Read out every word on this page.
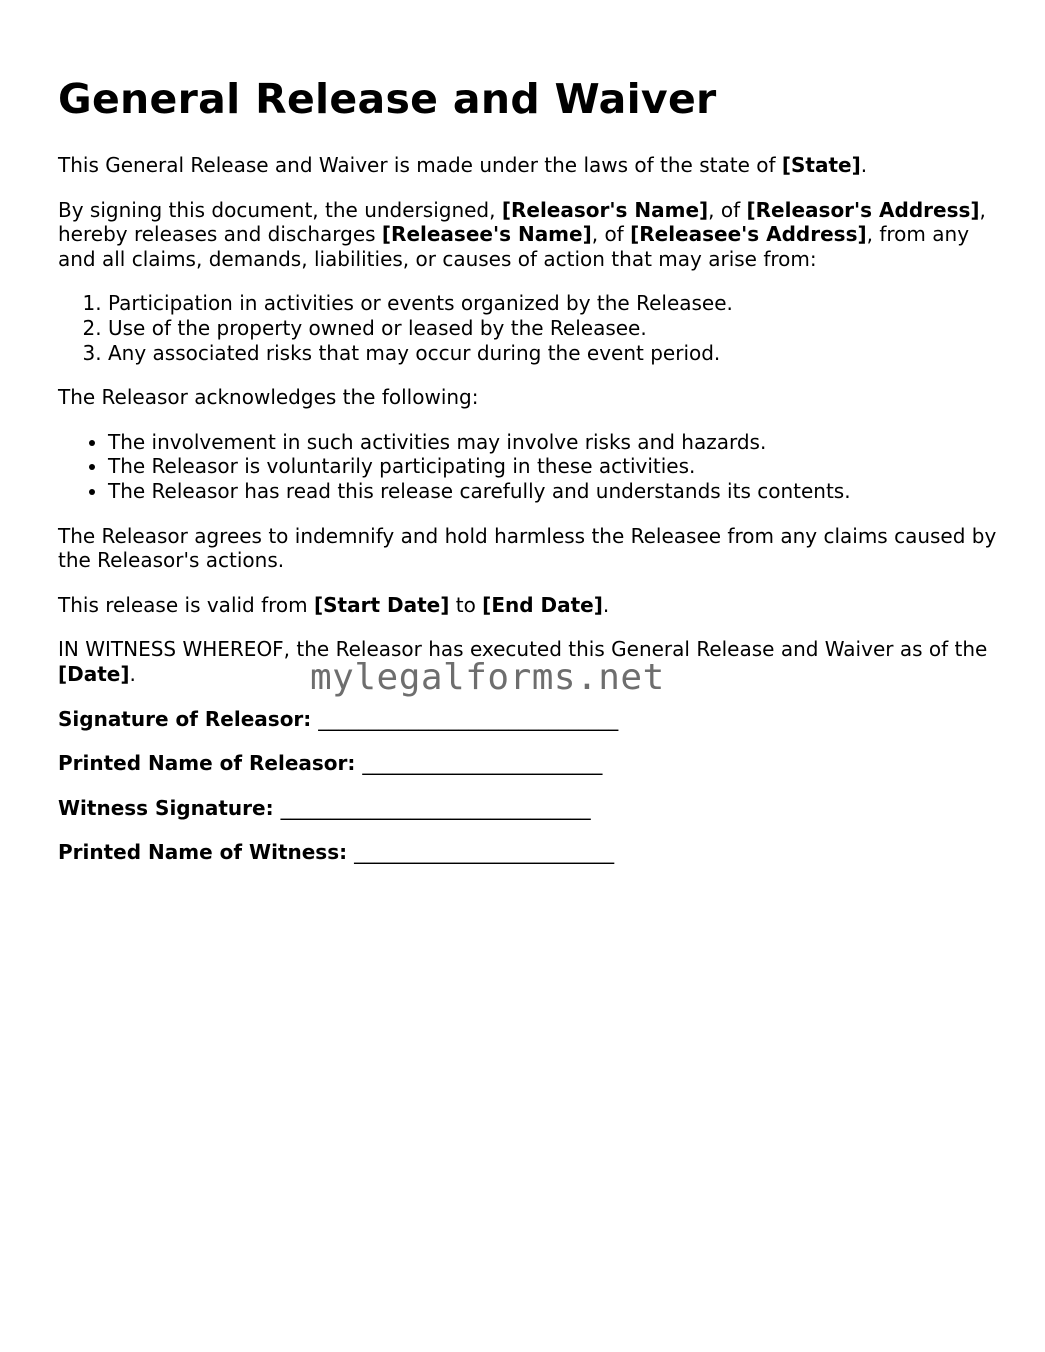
General Release and Waiver

This General Release and Waiver is made under the laws of the state of [State].

By signing this document, the undersigned, [Releasor's Name], of [Releasor's Address], hereby releases and discharges [Releasee's Name], of [Releasee's Address], from any and all claims, demands, liabilities, or causes of action that may arise from:

1. Participation in activities or events organized by the Releasee.
2. Use of the property owned or leased by the Releasee.
3. Any associated risks that may occur during the event period.

The Releasor acknowledges the following:

• The involvement in such activities may involve risks and hazards.
• The Releasor is voluntarily participating in these activities.
• The Releasor has read this release carefully and understands its contents.

The Releasor agrees to indemnify and hold harmless the Releasee from any claims caused by the Releasor's actions.

This release is valid from [Start Date] to [End Date].

IN WITNESS WHEREOF, the Releasor has executed this General Release and Waiver as of the [Date].

Signature of Releasor: ______________________________
Printed Name of Releasor: ________________________
Witness Signature: _______________________________
Printed Name of Witness: __________________________
mylegalforms.net
